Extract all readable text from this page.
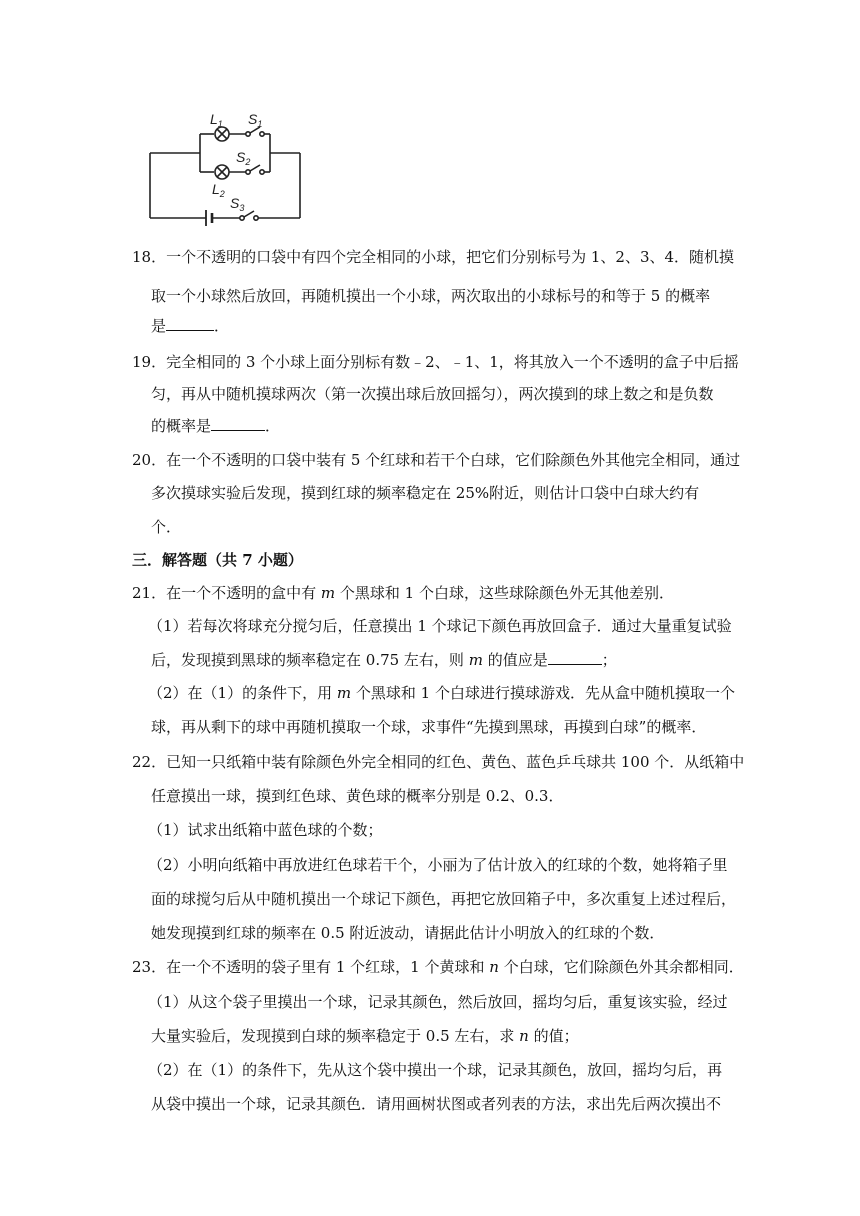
$L_1$ $S_1$
$S_2$
$L_2$
$S_3$
18．一个不透明的口袋中有四个完全相同的小球，把它们分别标号为 1、2、3、4．随机摸
取一个小球然后放回，再随机摸出一个小球，两次取出的小球标号的和等于 5 的概率
是	．
19．完全相同的 3 个小球上面分别标有数﹣2、﹣1、1，将其放入一个不透明的盒子中后摇
匀，再从中随机摸球两次（第一次摸出球后放回摇匀），两次摸到的球上数之和是负数
的概率是	．
20．在一个不透明的口袋中装有 5 个红球和若干个白球，它们除颜色外其他完全相同，通过
多次摸球实验后发现，摸到红球的频率稳定在 25%附近，则估计口袋中白球大约有
个．
三．解答题（共 7 小题）
21．在一个不透明的盒中有 m 个黑球和 1 个白球，这些球除颜色外无其他差别．
（1）若每次将球充分搅匀后，任意摸出 1 个球记下颜色再放回盒子．通过大量重复试验
后，发现摸到黑球的频率稳定在 0.75 左右，则 m 的值应是	；
（2）在（1）的条件下，用 m 个黑球和 1 个白球进行摸球游戏．先从盒中随机摸取一个
球，再从剩下的球中再随机摸取一个球，求事件“先摸到黑球，再摸到白球”的概率．
22．已知一只纸箱中装有除颜色外完全相同的红色、黄色、蓝色乒乓球共 100 个．从纸箱中
任意摸出一球，摸到红色球、黄色球的概率分别是 0.2、0.3．
（1）试求出纸箱中蓝色球的个数；
（2）小明向纸箱中再放进红色球若干个，小丽为了估计放入的红球的个数，她将箱子里
面的球搅匀后从中随机摸出一个球记下颜色，再把它放回箱子中，多次重复上述过程后，
她发现摸到红球的频率在 0.5 附近波动，请据此估计小明放入的红球的个数．
23．在一个不透明的袋子里有 1 个红球，1 个黄球和 n 个白球，它们除颜色外其余都相同．
（1）从这个袋子里摸出一个球，记录其颜色，然后放回，摇均匀后，重复该实验，经过
大量实验后，发现摸到白球的频率稳定于 0.5 左右，求 n 的值；
（2）在（1）的条件下，先从这个袋中摸出一个球，记录其颜色，放回，摇均匀后，再
从袋中摸出一个球，记录其颜色．请用画树状图或者列表的方法，求出先后两次摸出不
